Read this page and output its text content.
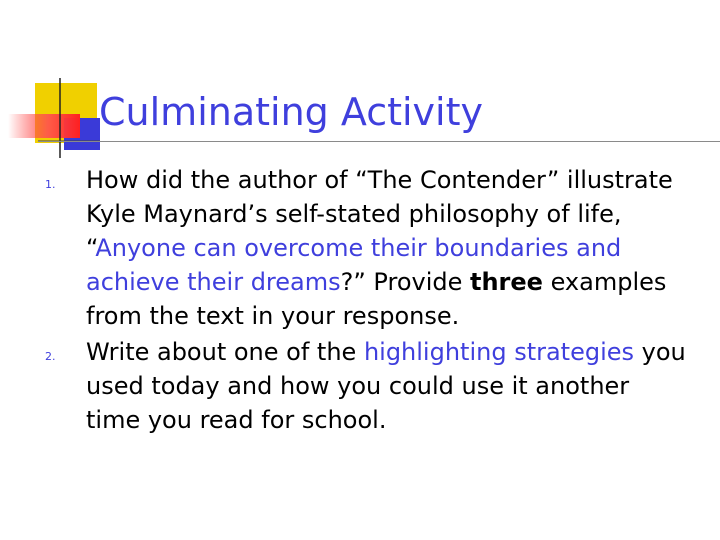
Culminating Activity
1. How did the author of “The Contender” illustrate Kyle Maynard’s self-stated philosophy of life, “Anyone can overcome their boundaries and achieve their dreams?” Provide three examples from the text in your response.
2. Write about one of the highlighting strategies you used today and how you could use it another time you read for school.
